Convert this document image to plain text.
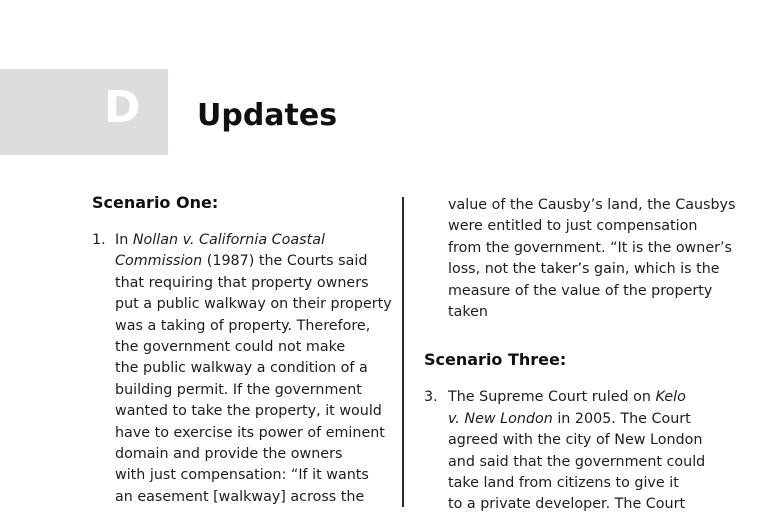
D Updates

Scenario One:

1. In Nollan v. California Coastal
Commission (1987) the Courts said
that requiring that property owners
put a public walkway on their property
was a taking of property. Therefore,
the government could not make
the public walkway a condition of a
building permit. If the government
wanted to take the property, it would
have to exercise its power of eminent
domain and provide the owners
with just compensation: “If it wants
an easement [walkway] across the
value of the Causby’s land, the Causbys
were entitled to just compensation
from the government. “It is the owner’s
loss, not the taker’s gain, which is the
measure of the value of the property
taken

Scenario Three:

3. The Supreme Court ruled on Kelo
v. New London in 2005. The Court
agreed with the city of New London
and said that the government could
take land from citizens to give it
to a private developer. The Court
